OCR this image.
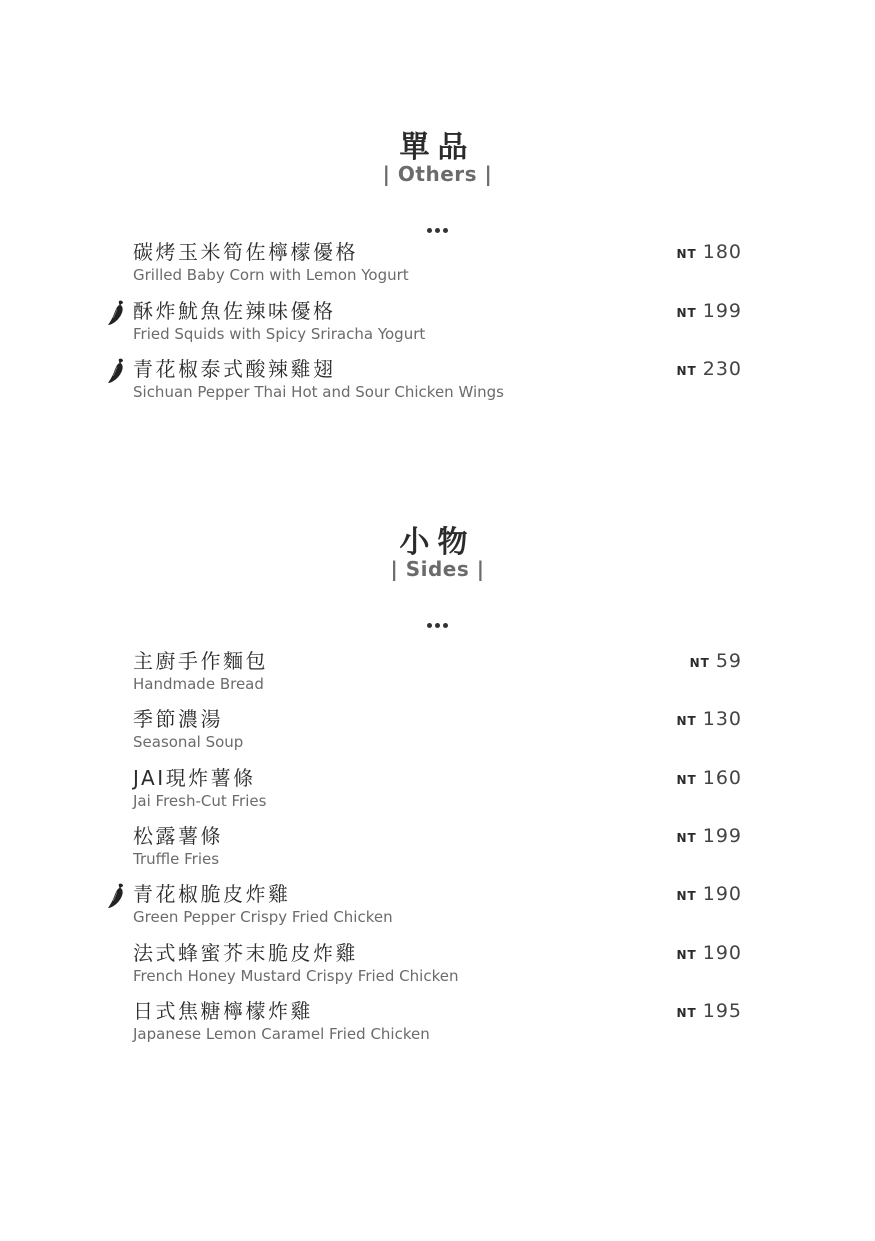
單品
| Others |
碳烤玉米筍佐檸檬優格
Grilled Baby Corn with Lemon Yogurt
NT 180
酥炸魷魚佐辣味優格
Fried Squids with Spicy Sriracha Yogurt
NT 199
青花椒泰式酸辣雞翅
Sichuan Pepper Thai Hot and Sour Chicken Wings
NT 230
小物
| Sides |
主廚手作麵包
Handmade Bread
NT 59
季節濃湯
Seasonal Soup
NT 130
JAI現炸薯條
Jai Fresh-Cut Fries
NT 160
松露薯條
Truffle Fries
NT 199
青花椒脆皮炸雞
Green Pepper Crispy Fried Chicken
NT 190
法式蜂蜜芥末脆皮炸雞
French Honey Mustard Crispy Fried Chicken
NT 190
日式焦糖檸檬炸雞
Japanese Lemon Caramel Fried Chicken
NT 195
